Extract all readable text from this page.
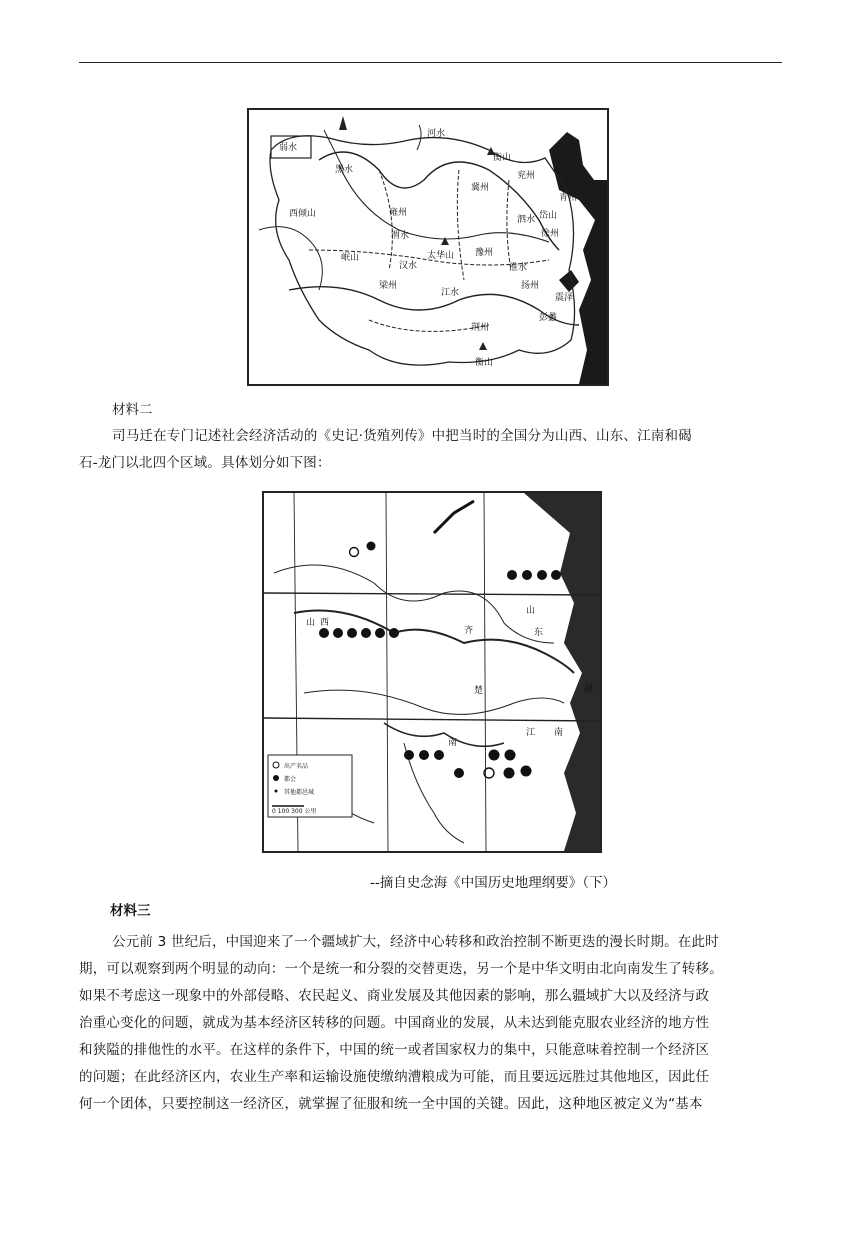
河水
衡山
冀州
兖州
青州
岱山
徐州
雍州
豫州
梁州
荆州
扬州
震泽
彭蠡
衡山
江水
淮水
渭水
汉水
太华山
岷山
西倾山
弱水
黑水
泗水
材料二
司马迁在专门记述社会经济活动的《史记·货殖列传》中把当时的全国分为山西、山东、江南和碣
石-龙门以北四个区域。具体划分如下图：
山 西
山
东
江 南
南
越
楚
齐
出产名品
都会
其他都邑城
0 100 300 公里
--摘自史念海《中国历史地理纲要》（下）
材料三
公元前 3 世纪后，中国迎来了一个疆域扩大，经济中心转移和政治控制不断更迭的漫长时期。在此时
期，可以观察到两个明显的动向：一个是统一和分裂的交替更迭，另一个是中华文明由北向南发生了转移。
如果不考虑这一现象中的外部侵略、农民起义、商业发展及其他因素的影响，那么疆域扩大以及经济与政
治重心变化的问题，就成为基本经济区转移的问题。中国商业的发展，从未达到能克服农业经济的地方性
和狭隘的排他性的水平。在这样的条件下，中国的统一或者国家权力的集中，只能意味着控制一个经济区
的问题；在此经济区内，农业生产率和运输设施使缴纳漕粮成为可能，而且要远远胜过其他地区，因此任
何一个团体，只要控制这一经济区，就掌握了征服和统一全中国的关键。因此，这种地区被定义为“基本
